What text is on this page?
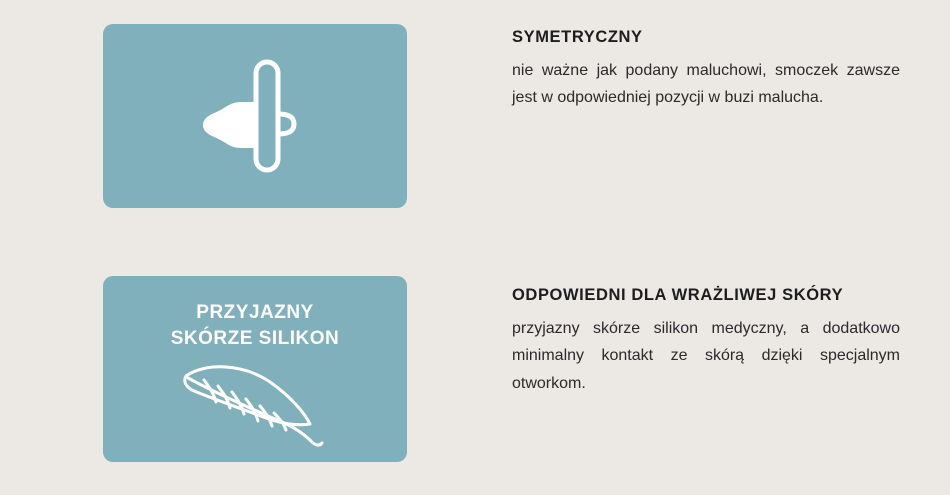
SYMETRYCZNY

nie ważne jak podany maluchowi, smoczek zawsze jest w odpowiedniej pozycji w buzi malucha.

PRZYJAZNY
SKÓRZE SILIKON
ODPOWIEDNI DLA WRAŻLIWEJ SKÓRY

przyjazny skórze silikon medyczny, a dodatkowo minimalny kontakt ze skórą dzięki specjalnym otworkom.
